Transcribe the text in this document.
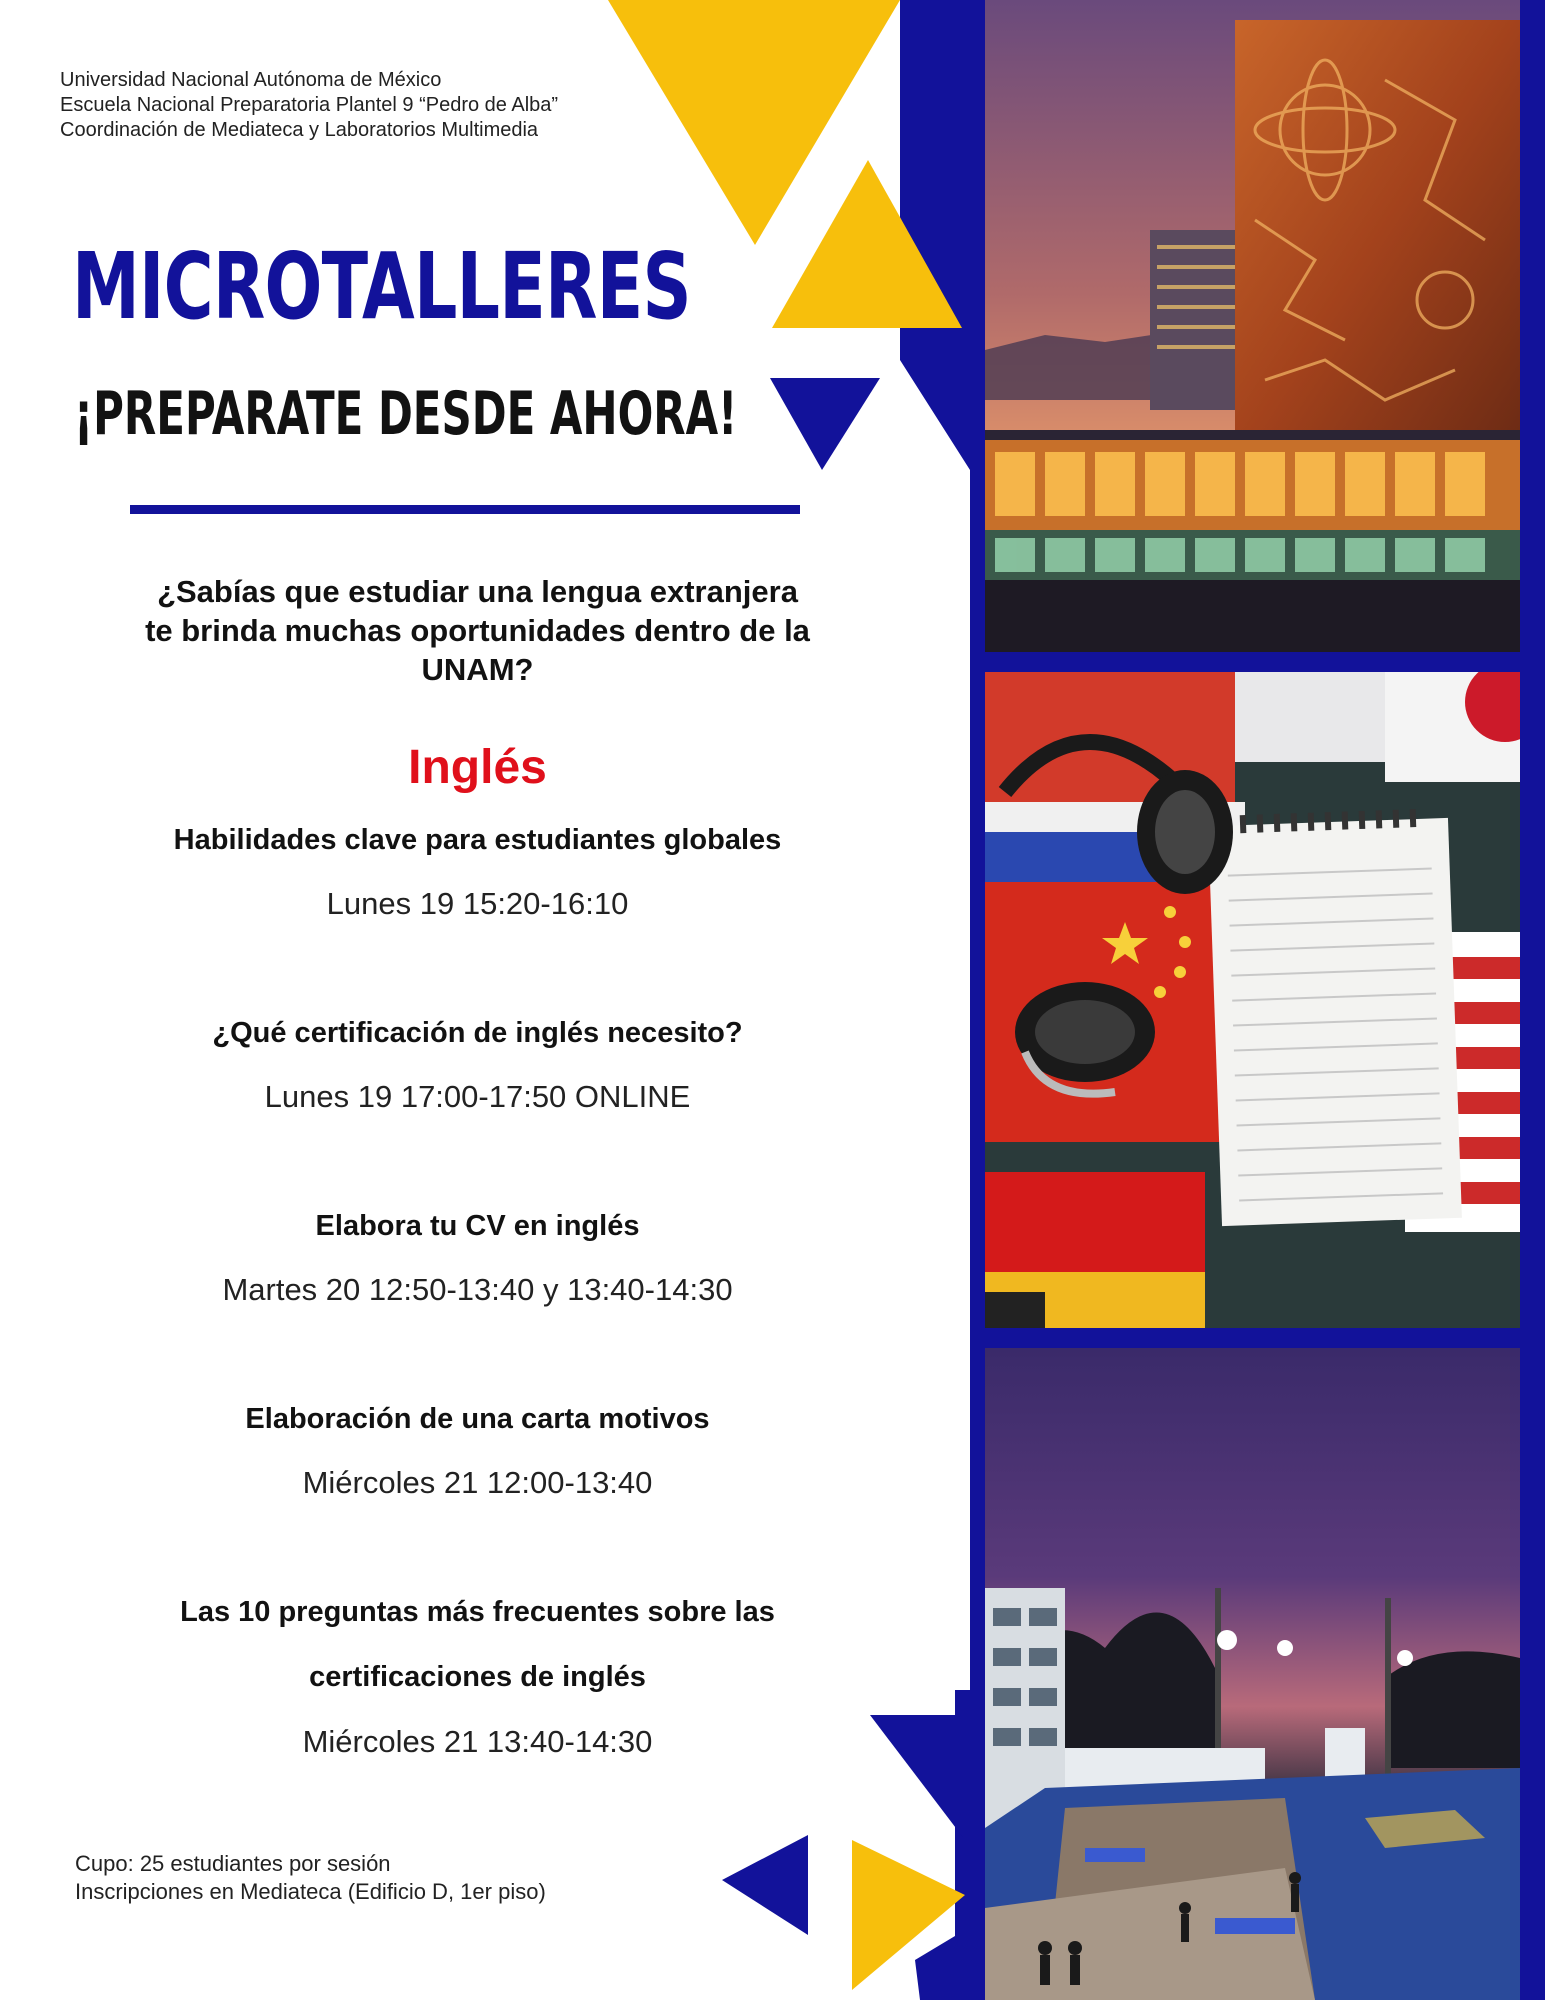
Universidad Nacional Autónoma de México
Escuela Nacional Preparatoria Plantel 9 “Pedro de Alba”
Coordinación de Mediateca y Laboratorios Multimedia
MICROTALLERES
¡PREPARATE DESDE AHORA!
¿Sabías que estudiar una lengua extranjera te brinda muchas oportunidades dentro de la UNAM?
Inglés
Habilidades clave para estudiantes globales
Lunes 19 15:20-16:10
¿Qué certificación de inglés necesito?
Lunes 19 17:00-17:50 ONLINE
Elabora tu CV en inglés
Martes 20 12:50-13:40 y 13:40-14:30
Elaboración de una carta motivos
Miércoles 21 12:00-13:40
Las 10 preguntas más frecuentes sobre las
certificaciones de inglés
Miércoles 21 13:40-14:30
Cupo: 25 estudiantes por sesión
Inscripciones en Mediateca (Edificio D, 1er piso)
